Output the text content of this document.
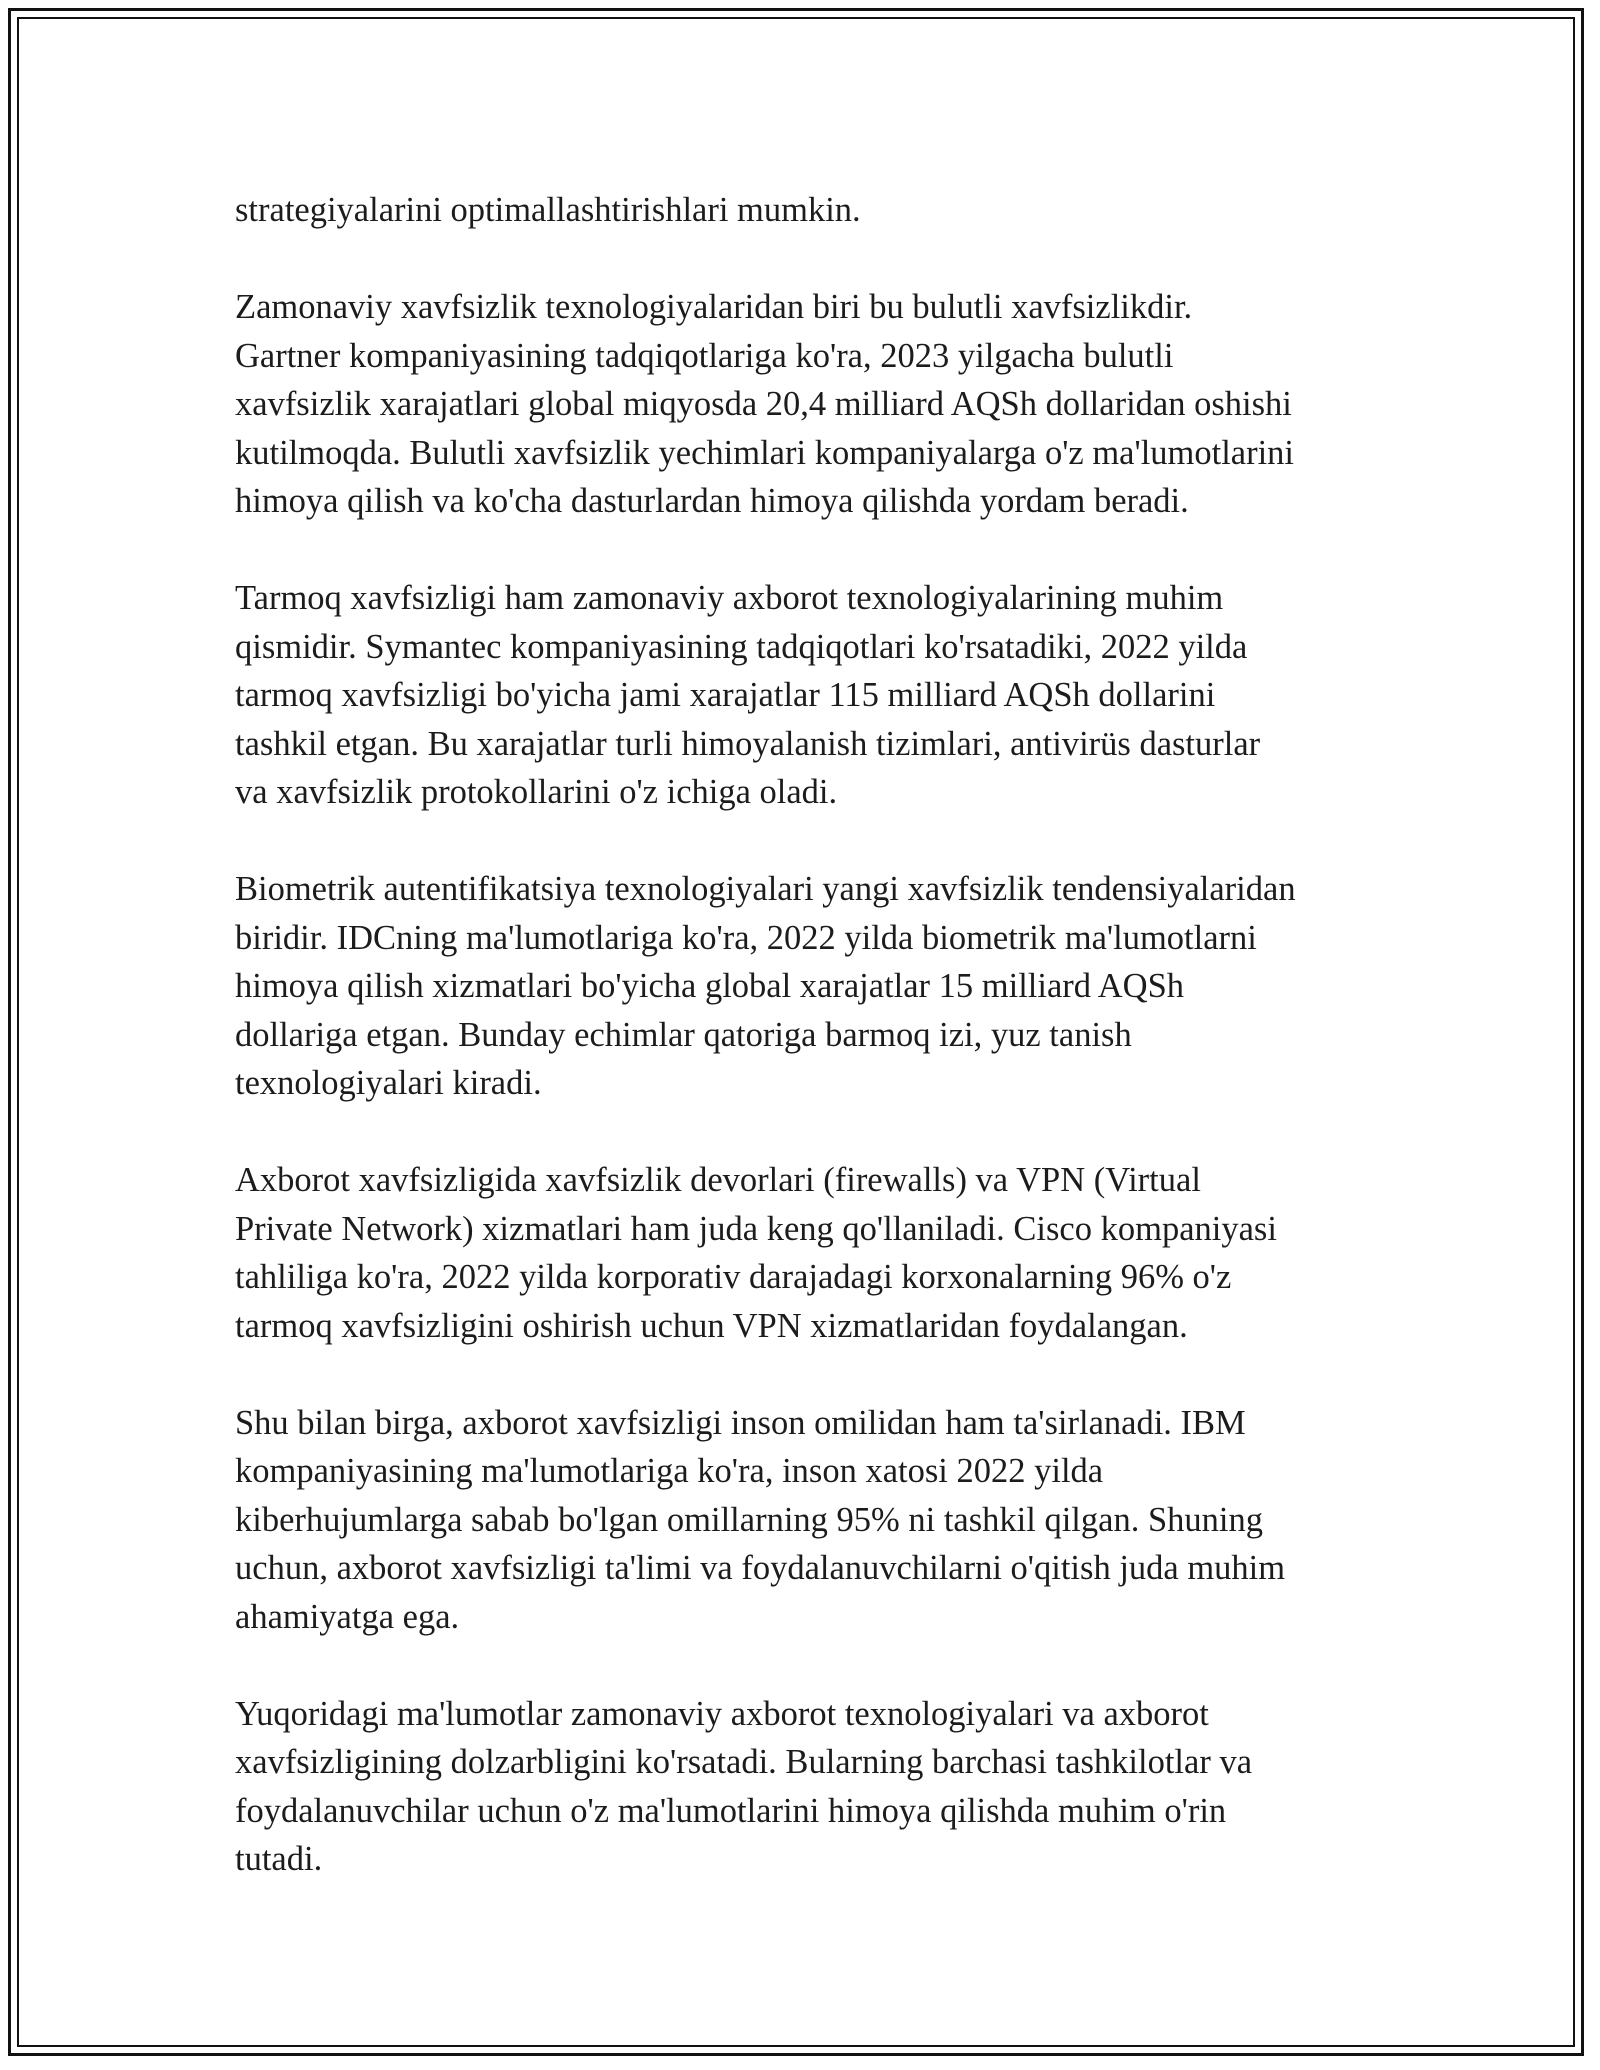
strategiyalarini optimallashtirishlari mumkin.

Zamonaviy xavfsizlik texnologiyalaridan biri bu bulutli xavfsizlikdir.
Gartner kompaniyasining tadqiqotlariga ko'ra, 2023 yilgacha bulutli
xavfsizlik xarajatlari global miqyosda 20,4 milliard AQSh dollaridan oshishi
kutilmoqda. Bulutli xavfsizlik yechimlari kompaniyalarga o'z ma'lumotlarini
himoya qilish va ko'cha dasturlardan himoya qilishda yordam beradi.

Tarmoq xavfsizligi ham zamonaviy axborot texnologiyalarining muhim
qismidir. Symantec kompaniyasining tadqiqotlari ko'rsatadiki, 2022 yilda
tarmoq xavfsizligi bo'yicha jami xarajatlar 115 milliard AQSh dollarini
tashkil etgan. Bu xarajatlar turli himoyalanish tizimlari, antivirüs dasturlar
va xavfsizlik protokollarini o'z ichiga oladi.

Biometrik autentifikatsiya texnologiyalari yangi xavfsizlik tendensiyalaridan
biridir. IDCning ma'lumotlariga ko'ra, 2022 yilda biometrik ma'lumotlarni
himoya qilish xizmatlari bo'yicha global xarajatlar 15 milliard AQSh
dollariga etgan. Bunday echimlar qatoriga barmoq izi, yuz tanish
texnologiyalari kiradi.

Axborot xavfsizligida xavfsizlik devorlari (firewalls) va VPN (Virtual
Private Network) xizmatlari ham juda keng qo'llaniladi. Cisco kompaniyasi
tahliliga ko'ra, 2022 yilda korporativ darajadagi korxonalarning 96% o'z
tarmoq xavfsizligini oshirish uchun VPN xizmatlaridan foydalangan.

Shu bilan birga, axborot xavfsizligi inson omilidan ham ta'sirlanadi. IBM
kompaniyasining ma'lumotlariga ko'ra, inson xatosi 2022 yilda
kiberhujumlarga sabab bo'lgan omillarning 95% ni tashkil qilgan. Shuning
uchun, axborot xavfsizligi ta'limi va foydalanuvchilarni o'qitish juda muhim
ahamiyatga ega.

Yuqoridagi ma'lumotlar zamonaviy axborot texnologiyalari va axborot
xavfsizligining dolzarbligini ko'rsatadi. Bularning barchasi tashkilotlar va
foydalanuvchilar uchun o'z ma'lumotlarini himoya qilishda muhim o'rin
tutadi.
